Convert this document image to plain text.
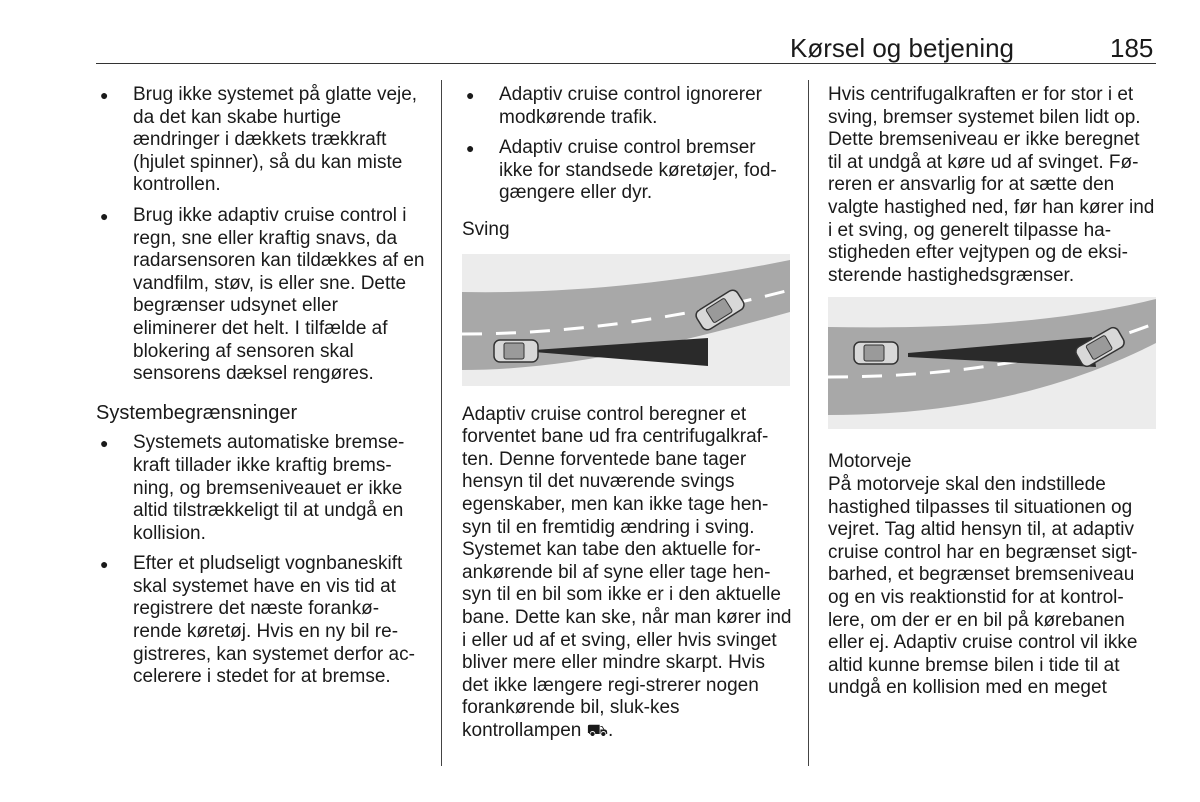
Kørsel og betjening	185
● Brug ikke systemet på glatte veje, da det kan skabe hurtige ændringer i dækkets trækkraft (hjulet spinner), så du kan miste kontrollen.
● Brug ikke adaptiv cruise control i regn, sne eller kraftig snavs, da radarsensoren kan tildækkes af en vandfilm, støv, is eller sne. Dette begrænser udsynet eller eliminerer det helt. I tilfælde af blokering af sensoren skal sensorens dæksel rengøres.
Systembegrænsninger
● Systemets automatiske bremse-kraft tillader ikke kraftig brems-ning, og bremseniveauet er ikke altid tilstrækkeligt til at undgå en kollision.
● Efter et pludseligt vognbaneskift skal systemet have en vis tid at registrere det næste forankø-rende køretøj. Hvis en ny bil re-gistreres, kan systemet derfor ac-celerere i stedet for at bremse.
● Adaptiv cruise control ignorerer modkørende trafik.
● Adaptiv cruise control bremser ikke for standsede køretøjer, fod-gængere eller dyr.
Sving

Adaptiv cruise control beregner et forventet bane ud fra centrifugalkraf-ten. Denne forventede bane tager hensyn til det nuværende svings egenskaber, men kan ikke tage hen-syn til en fremtidig ændring i sving. Systemet kan tabe den aktuelle for-ankørende bil af syne eller tage hen-syn til en bil som ikke er i den aktuelle bane. Dette kan ske, når man kører ind i eller ud af et sving, eller hvis svinget bliver mere eller mindre skarpt. Hvis det ikke længere regi-strerer nogen forankørende bil, sluk-kes kontrollampen ⛟.

Hvis centrifugalkraften er for stor i et sving, bremser systemet bilen lidt op. Dette bremseniveau er ikke beregnet til at undgå at køre ud af svinget. Fø-reren er ansvarlig for at sætte den valgte hastighed ned, før han kører ind i et sving, og generelt tilpasse ha-stigheden efter vejtypen og de eksi-sterende hastighedsgrænser.

Motorveje

På motorveje skal den indstillede hastighed tilpasses til situationen og vejret. Tag altid hensyn til, at adaptiv cruise control har en begrænset sigt-barhed, et begrænset bremseniveau og en vis reaktionstid for at kontrol-lere, om der er en bil på kørebanen eller ej. Adaptiv cruise control vil ikke altid kunne bremse bilen i tide til at undgå en kollision med en meget
